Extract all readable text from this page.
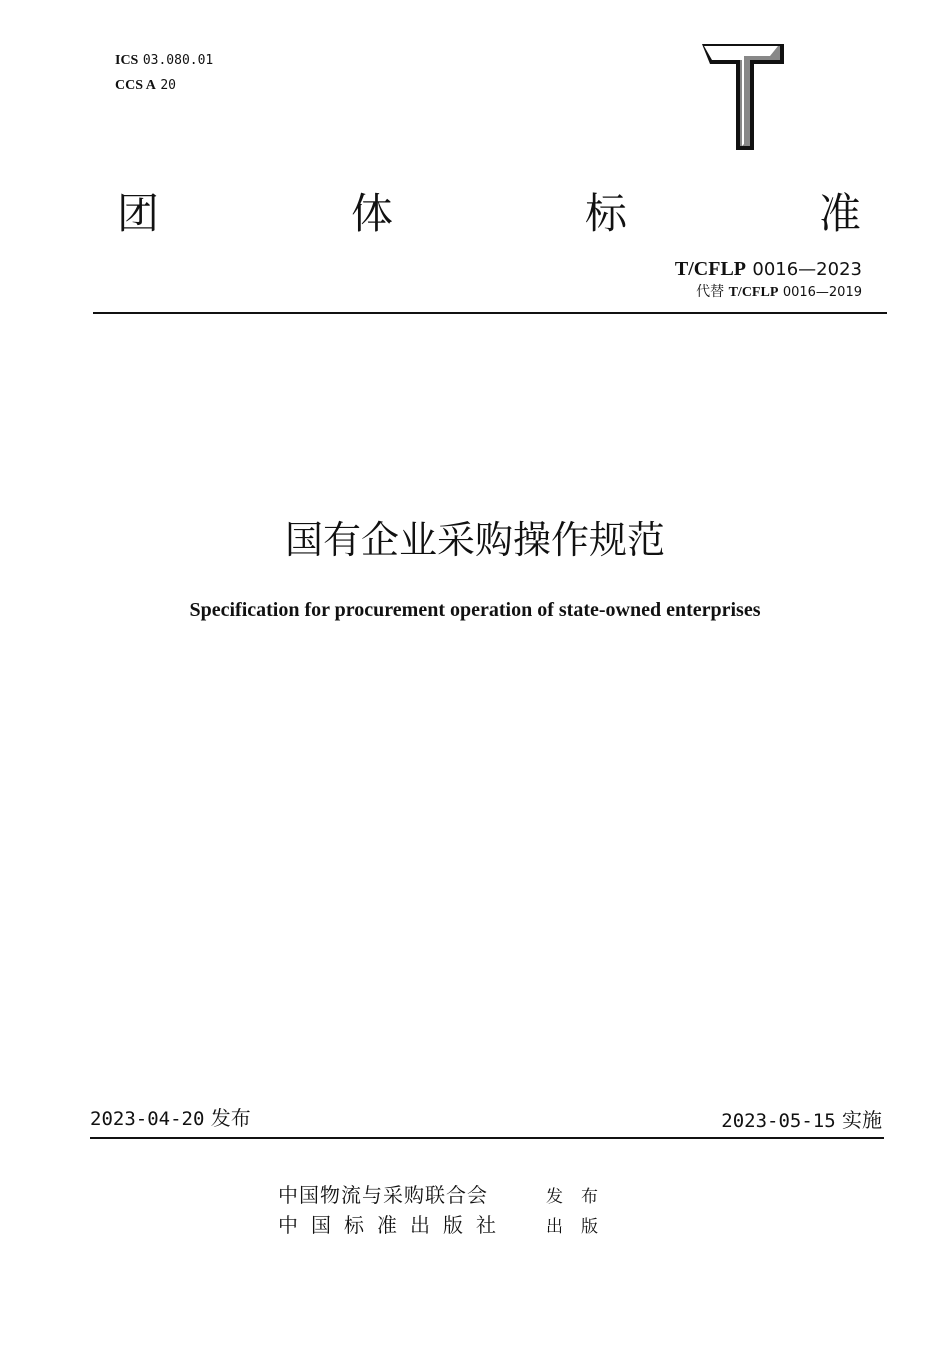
ICS 03.080.01
CCS A 20
团	体	标	准
T/CFLP 0016—2023
代替 T/CFLP 0016—2019
国有企业采购操作规范
Specification for procurement operation of state-owned enterprises
2023-04-20 发布	2023-05-15 实施
中国物流与采购联合会	发布
中国标准出版社 出版
